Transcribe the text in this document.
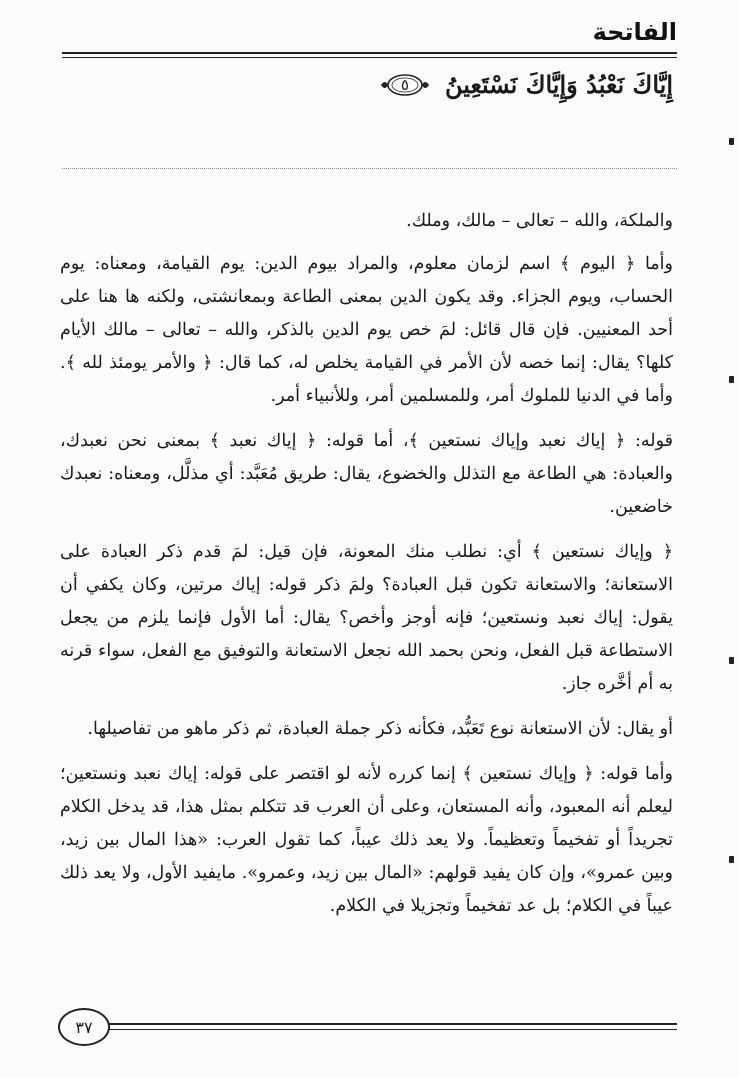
الفاتحة
إِيَّاكَ نَعْبُدُ وَإِيَّاكَ نَسْتَعِينُ
٥

والملكة، والله – تعالى – مالك، وملك.

وأما ﴿ اليوم ﴾ اسم لزمان معلوم، والمراد بيوم الدين: يوم القيامة، ومعناه: يوم الحساب، ويوم الجزاء. وقد يكون الدين بمعنى الطاعة وبمعانشتى، ولكنه ها هنا على أحد المعنيين. فإن قال قائل: لمَ خص يوم الدين بالذكر، والله – تعالى – مالك الأيام كلها؟ يقال: إنما خصه لأن الأمر في القيامة يخلص له، كما قال: ﴿ والأمر يومئذ لله ﴾. وأما في الدنيا للملوك أمر، وللمسلمين أمر، وللأنبياء أمر.

قوله: ﴿ إياك نعبد وإياك نستعين ﴾، أما قوله: ﴿ إياك نعبد ﴾ بمعنى نحن نعبدك، والعبادة: هي الطاعة مع التذلل والخضوع، يقال: طريق مُعَبَّد: أي مذلَّل، ومعناه: نعبدك خاضعين.

﴿ وإياك نستعين ﴾ أي: نطلب منك المعونة، فإن قيل: لمَ قدم ذكر العبادة على الاستعانة؛ والاستعانة تكون قبل العبادة؟ ولمَ ذكر قوله: إياك مرتين، وكان يكفي أن يقول: إياك نعبد ونستعين؛ فإنه أوجز وأخص؟ يقال: أما الأول فإنما يلزم من يجعل الاستطاعة قبل الفعل، ونحن بحمد الله نجعل الاستعانة والتوفيق مع الفعل، سواء قرنه به أم أخَّره جاز.

أو يقال: لأن الاستعانة نوع تَعَبُّد، فكأنه ذكر جملة العبادة، ثم ذكر ماهو من تفاصيلها.

وأما قوله: ﴿ وإياك نستعين ﴾ إنما كرره لأنه لو اقتصر على قوله: إياك نعبد ونستعين؛ ليعلم أنه المعبود، وأنه المستعان، وعلى أن العرب قد تتكلم بمثل هذا، قد يدخل الكلام تجريداً أو تفخيماً وتعظيماً. ولا يعد ذلك عيباً، كما تقول العرب: «هذا المال بين زيد، وبين عمرو»، وإن كان يفيد قولهم: «المال بين زيد، وعمرو». مايفيد الأول، ولا يعد ذلك عيباً في الكلام؛ بل عد تفخيماً وتجزيلا في الكلام.

٣٧
